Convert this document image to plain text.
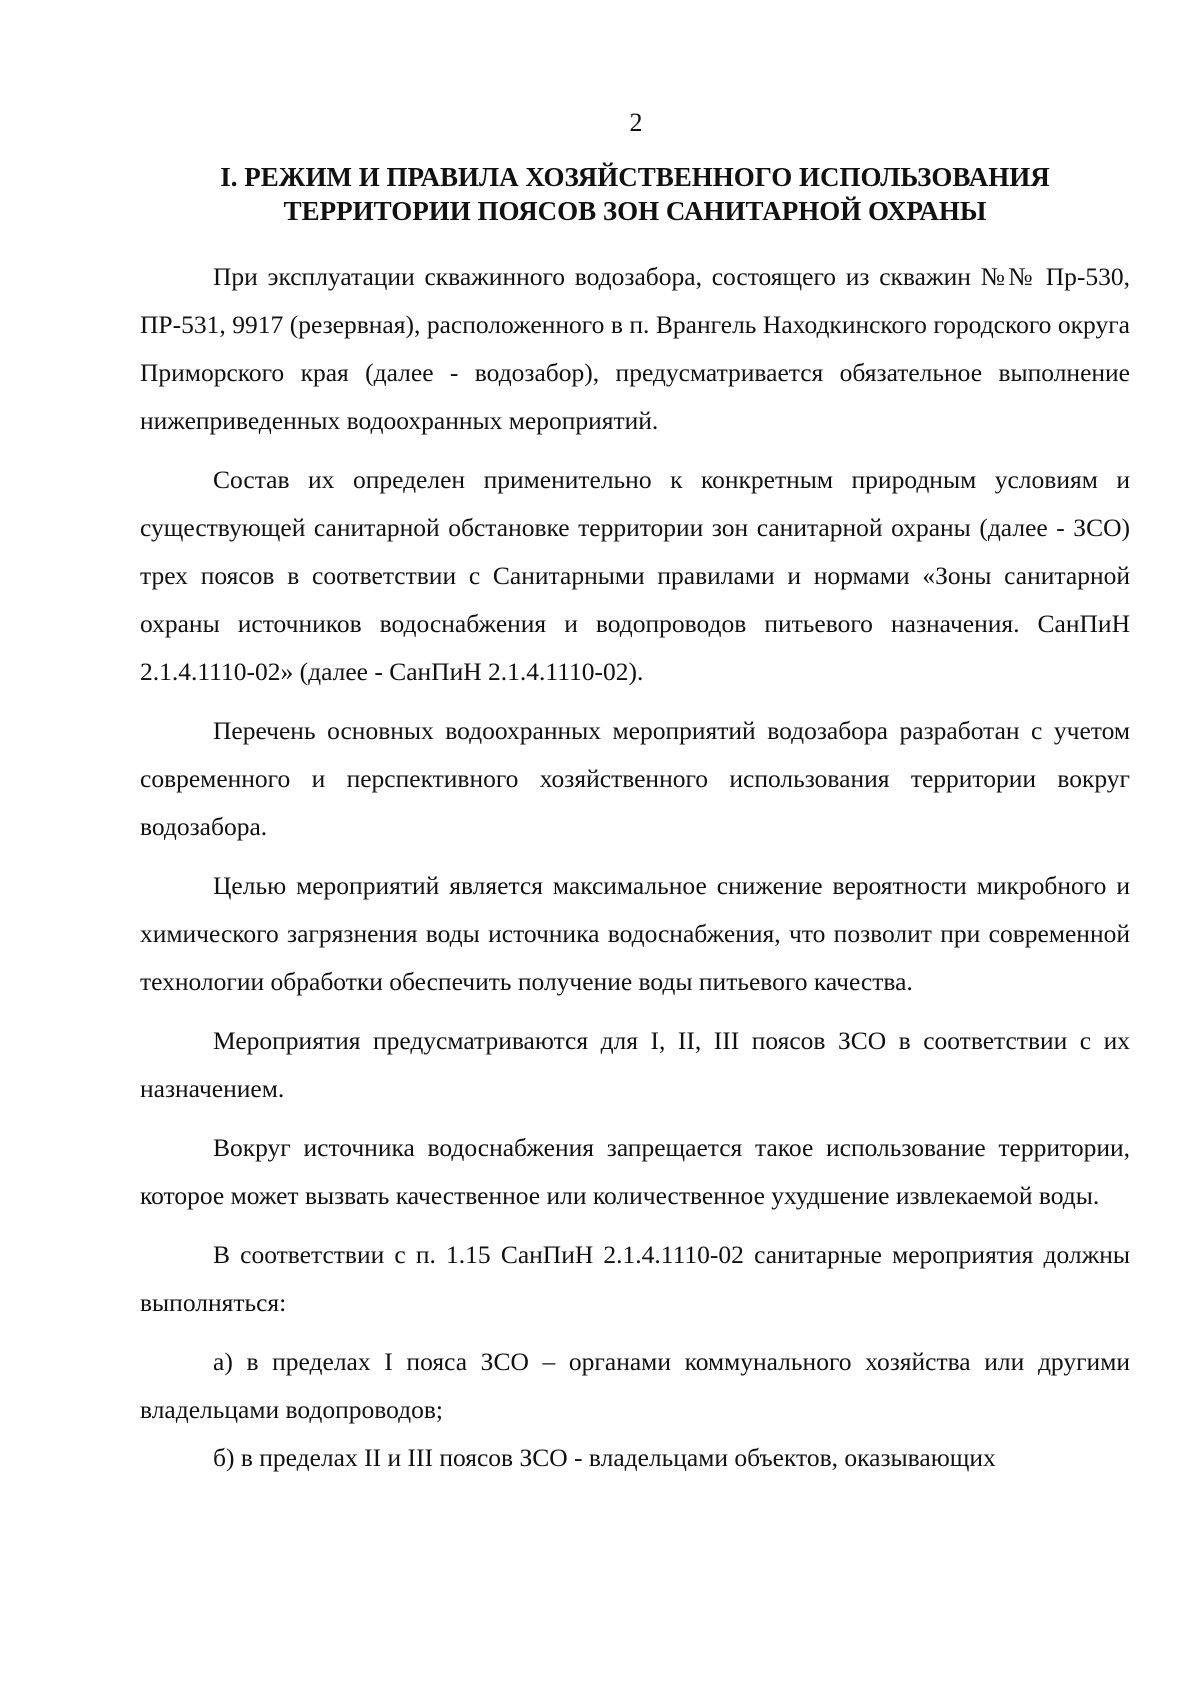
2
I. РЕЖИМ И ПРАВИЛА ХОЗЯЙСТВЕННОГО ИСПОЛЬЗОВАНИЯ
ТЕРРИТОРИИ ПОЯСОВ ЗОН САНИТАРНОЙ ОХРАНЫ

При эксплуатации скважинного водозабора, состоящего из скважин №№ Пр-530, ПР-531, 9917 (резервная), расположенного в п. Врангель Находкинского городского округа Приморского края (далее - водозабор), предусматривается обязательное выполнение нижеприведенных водоохранных мероприятий.

Состав их определен применительно к конкретным природным условиям и существующей санитарной обстановке территории зон санитарной охраны (далее - ЗСО) трех поясов в соответствии с Санитарными правилами и нормами «Зоны санитарной охраны источников водоснабжения и водопроводов питьевого назначения. СанПиН 2.1.4.1110-02» (далее - СанПиН 2.1.4.1110-02).

Перечень основных водоохранных мероприятий водозабора разработан с учетом современного и перспективного хозяйственного использования территории вокруг водозабора.

Целью мероприятий является максимальное снижение вероятности микробного и химического загрязнения воды источника водоснабжения, что позволит при современной технологии обработки обеспечить получение воды питьевого качества.

Мероприятия предусматриваются для I, II, III поясов ЗСО в соответствии с их назначением.

Вокруг источника водоснабжения запрещается такое использование территории, которое может вызвать качественное или количественное ухудшение извлекаемой воды.

В соответствии с п. 1.15 СанПиН 2.1.4.1110-02 санитарные мероприятия должны выполняться:

а) в пределах I пояса ЗСО – органами коммунального хозяйства или другими владельцами водопроводов;

б) в пределах II и III поясов ЗСО - владельцами объектов, оказывающих
